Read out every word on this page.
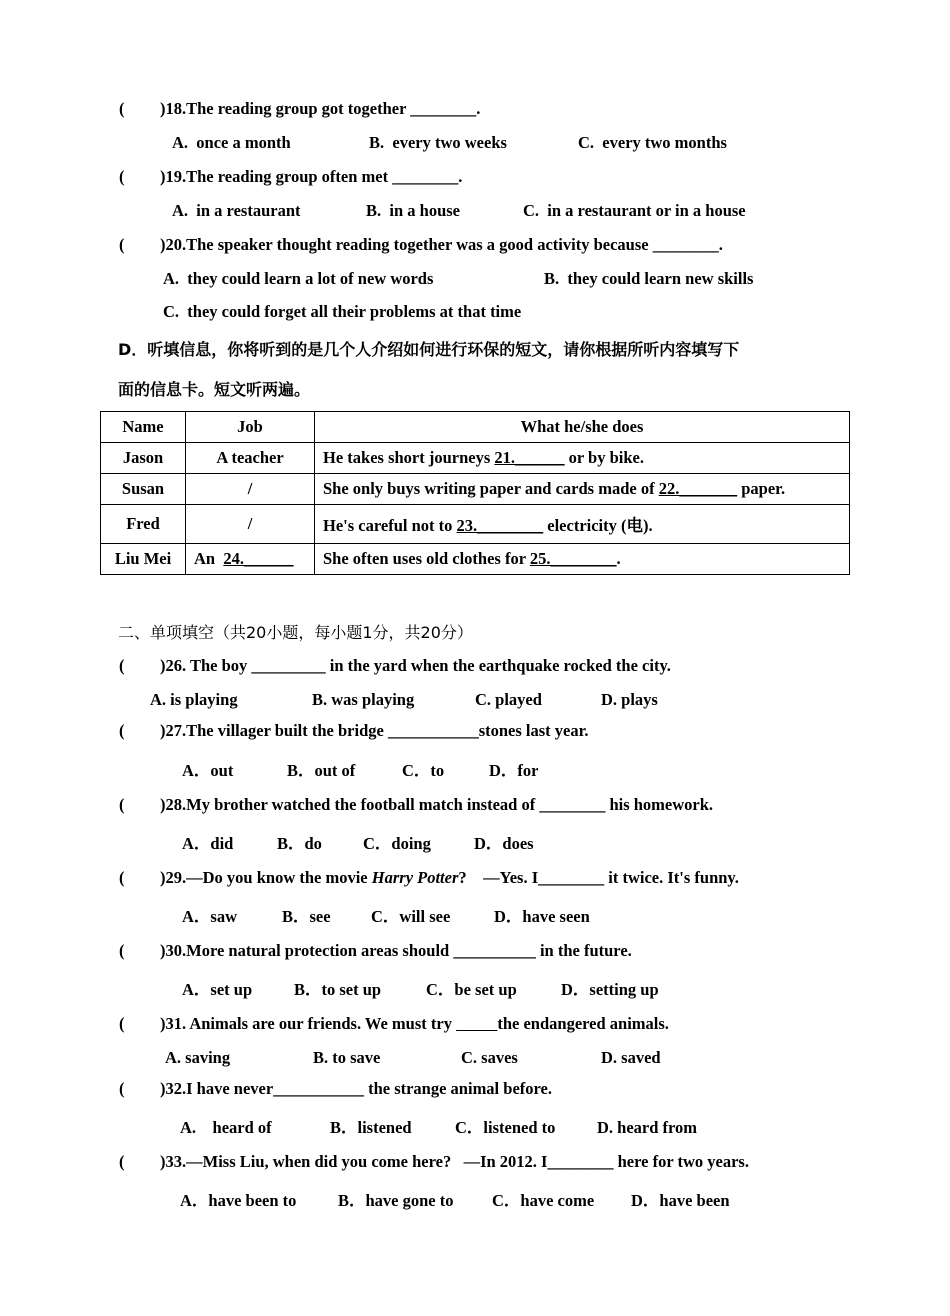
( )18.The reading group got together ________.
A.  once a month	B.  every two weeks	C.  every two months
( )19.The reading group often met ________.
A.  in a restaurant	B.  in a house	C.  in a restaurant or in a house
( )20.The speaker thought reading together was a good activity because ________.
A.  they could learn a lot of new words	B.  they could learn new skills
C.  they could forget all their problems at that time
D．听填信息，你将听到的是几个人介绍如何进行环保的短文，请你根据所听内容填写下
面的信息卡。短文听两遍。
Name	Job	What he/she does
Jason	A teacher	He takes short journeys 21.______ or by bike.
Susan	/	She only buys writing paper and cards made of 22._______ paper.
Fred	/	He's careful not to 23.________ electricity (电).
Liu Mei	An  24.______	She often uses old clothes for 25.________.
二、单项填空（共20小题，每小题1分，共20分）
( )26. The boy _________ in the yard when the earthquake rocked the city.
A. is playing	B. was playing	C. played	D. plays
( )27.The villager built the bridge ___________stones last year.
A．out	B．out of	C．to	D．for
( )28.My brother watched the football match instead of ________ his homework.
A．did	B．do C．doing	D．does
( )29.—Do you know the movie Harry Potter?    —Yes. I________ it twice. It's funny.
A．saw	B．see C．will see	D．have seen
( )30.More natural protection areas should __________ in the future.
A．set up	B．to set up	C．be set up	D．setting up
( )31. Animals are our friends. We must try	the endangered animals.
A. saving	B. to save	C. saves	D. saved
( )32.I have never___________ the strange animal before.
A.    heard of	B．listened	C．listened to	D. heard from
( )33.—Miss Liu, when did you come here?   —In 2012. I________ here for two years.
A．have been to	B．have gone to C．have come D．have been
